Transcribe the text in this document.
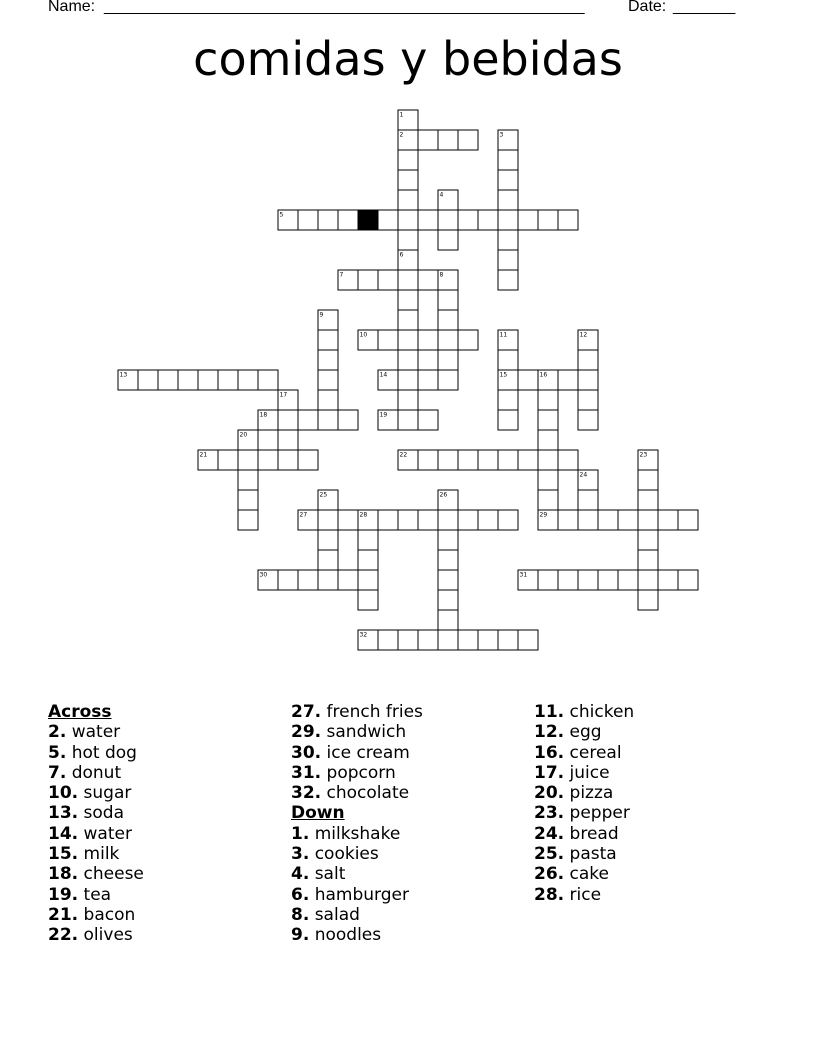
Name: ______________________________________________________	Date: _______
comidas y bebidas
2
5
7
10
13	14	15
18	19
21	22
27	29
30	31
32
1
3
4
6
8
9
11	12
16
17
20
23
24
25	26
28
Across
2. water
5. hot dog
7. donut
10. sugar
13. soda
14. water
15. milk
18. cheese
19. tea
21. bacon
22. olives
27. french fries
29. sandwich
30. ice cream
31. popcorn
32. chocolate
Down
1. milkshake
3. cookies
4. salt
6. hamburger
8. salad
9. noodles
11. chicken
12. egg
16. cereal
17. juice
20. pizza
23. pepper
24. bread
25. pasta
26. cake
28. rice
